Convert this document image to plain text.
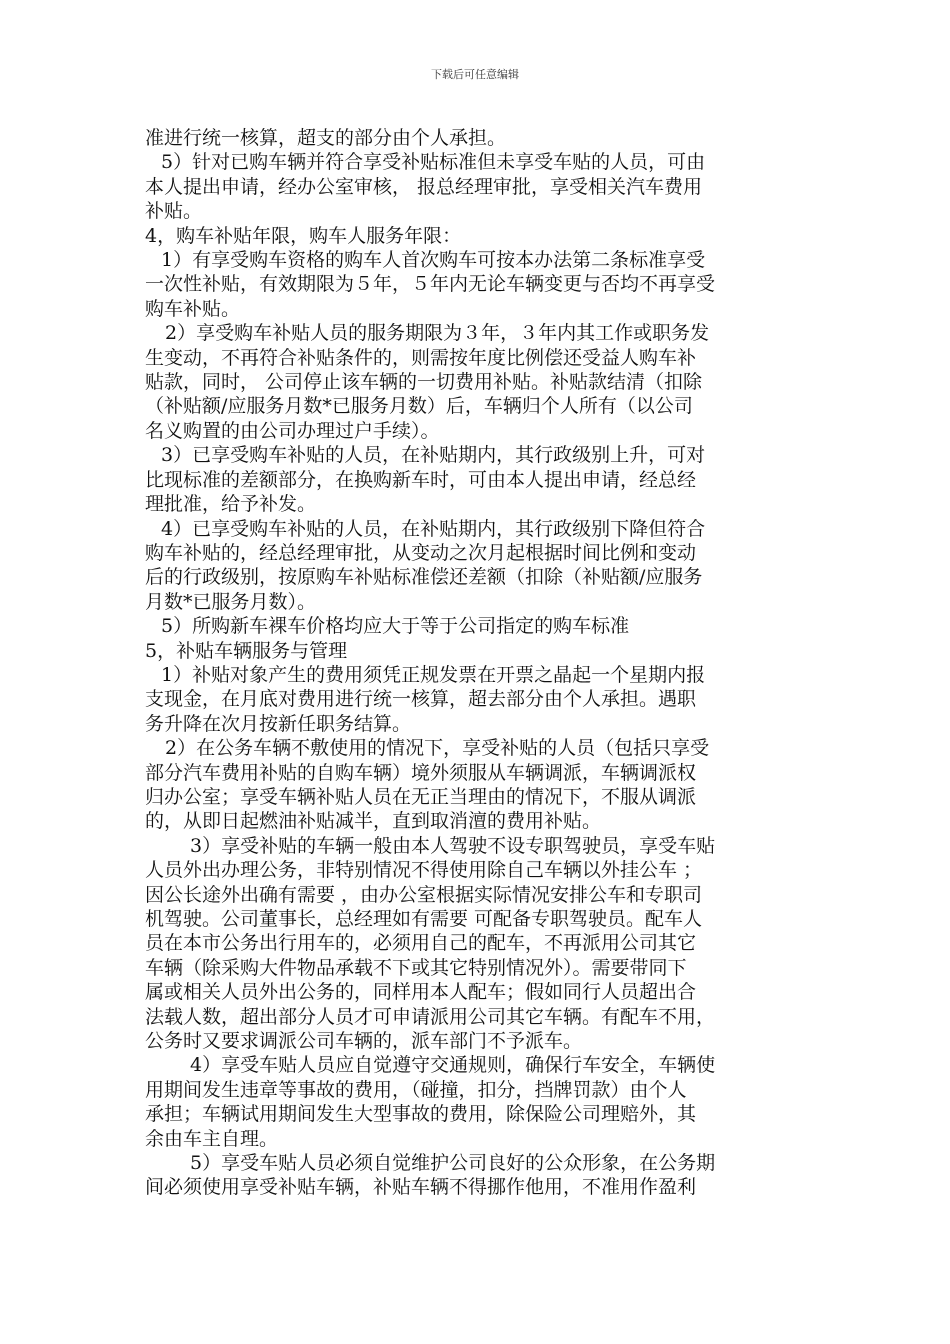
下载后可任意编辑
准进行统一核算，超支的部分由个人承担。
5）针对已购车辆并符合享受补贴标准但未享受车贴的人员，可由
本人提出申请，经办公室审核， 报总经理审批，享受相关汽车费用
补贴。
4，购车补贴年限，购车人服务年限：
1）有享受购车资格的购车人首次购车可按本办法第二条标准享受
一次性补贴，有效期限为５年，５年内无论车辆变更与否均不再享受
购车补贴。
2）享受购车补贴人员的服务期限为３年，３年内其工作或职务发
生变动，不再符合补贴条件的，则需按年度比例偿还受益人购车补
贴款，同时， 公司停止该车辆的一切费用补贴。补贴款结清（扣除
（补贴额/应服务月数*已服务月数）后，车辆归个人所有（以公司
名义购置的由公司办理过户手续）。
3）已享受购车补贴的人员，在补贴期内，其行政级别上升，可对
比现标准的差额部分，在换购新车时，可由本人提出申请，经总经
理批准，给予补发。
4）已享受购车补贴的人员，在补贴期内，其行政级别下降但符合
购车补贴的，经总经理审批，从变动之次月起根据时间比例和变动
后的行政级别，按原购车补贴标准偿还差额（扣除（补贴额/应服务
月数*已服务月数）。
5）所购新车裸车价格均应大于等于公司指定的购车标准
5，补贴车辆服务与管理
1）补贴对象产生的费用须凭正规发票在开票之晶起一个星期内报
支现金，在月底对费用进行统一核算，超去部分由个人承担。遇职
务升降在次月按新任职务结算。
2）在公务车辆不敷使用的情况下，享受补贴的人员（包括只享受
部分汽车费用补贴的自购车辆）境外须服从车辆调派，车辆调派权
归办公室；享受车辆补贴人员在无正当理由的情况下，不服从调派
的，从即日起燃油补贴减半，直到取消澶的费用补贴。
3）享受补贴的车辆一般由本人驾驶不设专职驾驶员，享受车贴
人员外出办理公务，非特别情况不得使用除自己车辆以外挂公车 ；
因公长途外出确有需要 ，由办公室根据实际情况安排公车和专职司
机驾驶。公司董事长，总经理如有需要 可配备专职驾驶员。配车人
员在本市公务出行用车的，必须用自己的配车，不再派用公司其它
车辆（除采购大件物品承载不下或其它特别情况外）。需要带同下
属或相关人员外出公务的，同样用本人配车；假如同行人员超出合
法载人数，超出部分人员才可申请派用公司其它车辆。有配车不用，
公务时又要求调派公司车辆的，派车部门不予派车。
4）享受车贴人员应自觉遵守交通规则，确保行车安全，车辆使
用期间发生违章等事故的费用，（碰撞，扣分，挡牌罚款）由个人
承担；车辆试用期间发生大型事故的费用，除保险公司理赔外，其
余由车主自理。
5）享受车贴人员必须自觉维护公司良好的公众形象，在公务期
间必须使用享受补贴车辆，补贴车辆不得挪作他用，不准用作盈利
